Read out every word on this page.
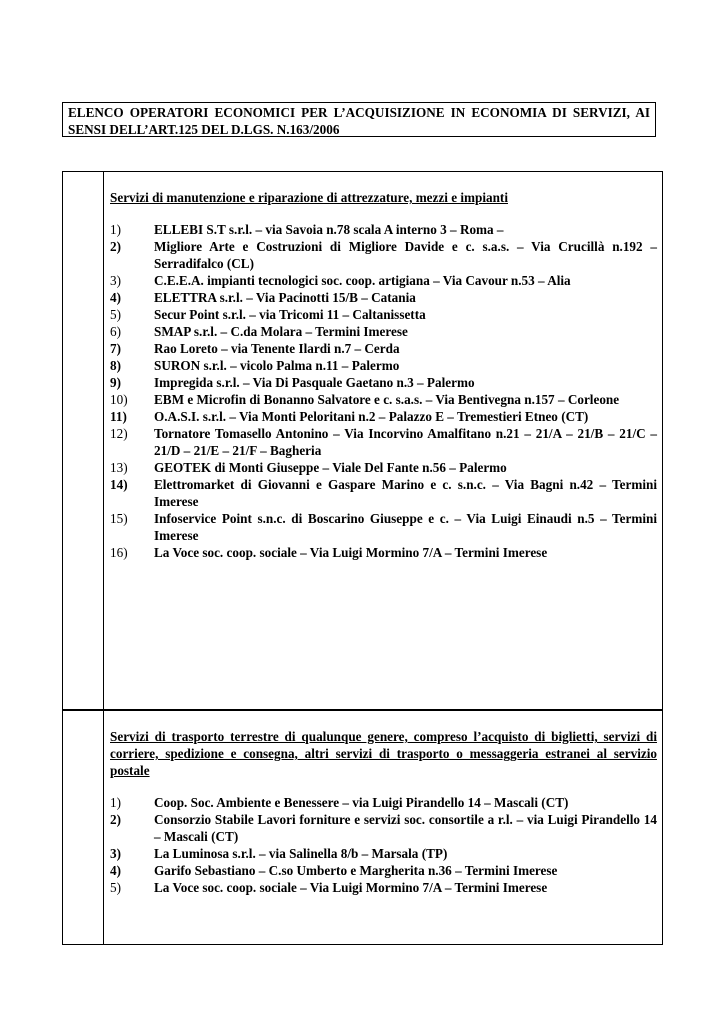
ELENCO OPERATORI ECONOMICI PER L’ACQUISIZIONE IN ECONOMIA DI SERVIZI, AI SENSI DELL’ART.125 DEL D.LGS. N.163/2006
Servizi di manutenzione e riparazione di attrezzature, mezzi e impianti
1)	ELLEBI S.T s.r.l. – via Savoia n.78 scala A interno 3 – Roma –
2)	Migliore Arte e Costruzioni di Migliore Davide e c. s.a.s. – Via Crucillà n.192 – Serradifalco (CL)
3)	C.E.E.A. impianti tecnologici soc. coop. artigiana – Via Cavour n.53 – Alia
4)	ELETTRA s.r.l. – Via Pacinotti 15/B – Catania
5)	Secur Point s.r.l. – via Tricomi 11 – Caltanissetta
6)	SMAP s.r.l. – C.da Molara – Termini Imerese
7)	Rao Loreto – via Tenente Ilardi n.7 – Cerda
8)	SURON s.r.l. – vicolo Palma n.11 – Palermo
9)	Impregida s.r.l. – Via Di Pasquale Gaetano n.3 – Palermo
10)	EBM e Microfin di Bonanno Salvatore e c. s.a.s. – Via Bentivegna n.157 – Corleone
11)	O.A.S.I. s.r.l. – Via Monti Peloritani n.2 – Palazzo E – Tremestieri Etneo (CT)
12)	Tornatore Tomasello Antonino – Via Incorvino Amalfitano n.21 – 21/A – 21/B – 21/C – 21/D – 21/E – 21/F – Bagheria
13)	GEOTEK di Monti Giuseppe – Viale Del Fante n.56 – Palermo
14)	Elettromarket di Giovanni e Gaspare Marino e c. s.n.c. – Via Bagni n.42 – Termini Imerese
15)	Infoservice Point s.n.c. di Boscarino Giuseppe e c. – Via Luigi Einaudi n.5 – Termini Imerese
16)	La Voce soc. coop. sociale – Via Luigi Mormino 7/A – Termini Imerese
Servizi di trasporto terrestre di qualunque genere, compreso l’acquisto di biglietti, servizi di corriere, spedizione e consegna, altri servizi di trasporto o messaggeria estranei al servizio postale
1)	Coop. Soc. Ambiente e Benessere – via Luigi Pirandello 14 – Mascali (CT)
2)	Consorzio Stabile Lavori forniture e servizi soc. consortile a r.l. – via Luigi Pirandello 14 – Mascali (CT)
3)	La Luminosa s.r.l. – via Salinella 8/b – Marsala (TP)
4)	Garifo Sebastiano – C.so Umberto e Margherita n.36 – Termini Imerese
5)	La Voce soc. coop. sociale – Via Luigi Mormino 7/A – Termini Imerese
